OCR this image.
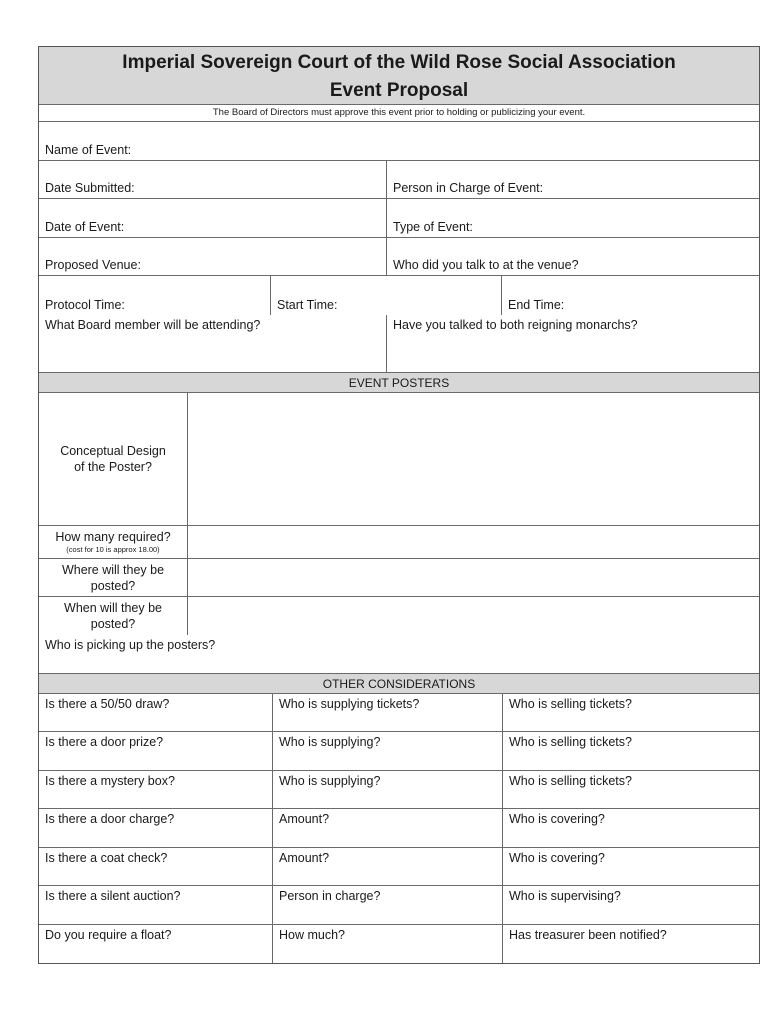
Imperial Sovereign Court of the Wild Rose Social Association
Event Proposal
The Board of Directors must approve this event prior to holding or publicizing your event.
Name of Event:
Date Submitted:	Person in Charge of Event:
Date of Event:	Type of Event:
Proposed Venue:	Who did you talk to at the venue?
Protocol Time:	Start Time:	End Time:
What Board member will be attending?	Have you talked to both reigning monarchs?
EVENT POSTERS
Conceptual Design
of the Poster?
How many required?
(cost for 10 is approx 18.00)
Where will they be
posted?
When will they be
posted?
Who is picking up the posters?
OTHER CONSIDERATIONS
Is there a 50/50 draw?	Who is supplying tickets?	Who is selling tickets?
Is there a door prize?	Who is supplying?	Who is selling tickets?
Is there a mystery box?	Who is supplying?	Who is selling tickets?
Is there a door charge?	Amount?	Who is covering?
Is there a coat check?	Amount?	Who is covering?
Is there a silent auction?	Person in charge?	Who is supervising?
Do you require a float?	How much?	Has treasurer been notified?
